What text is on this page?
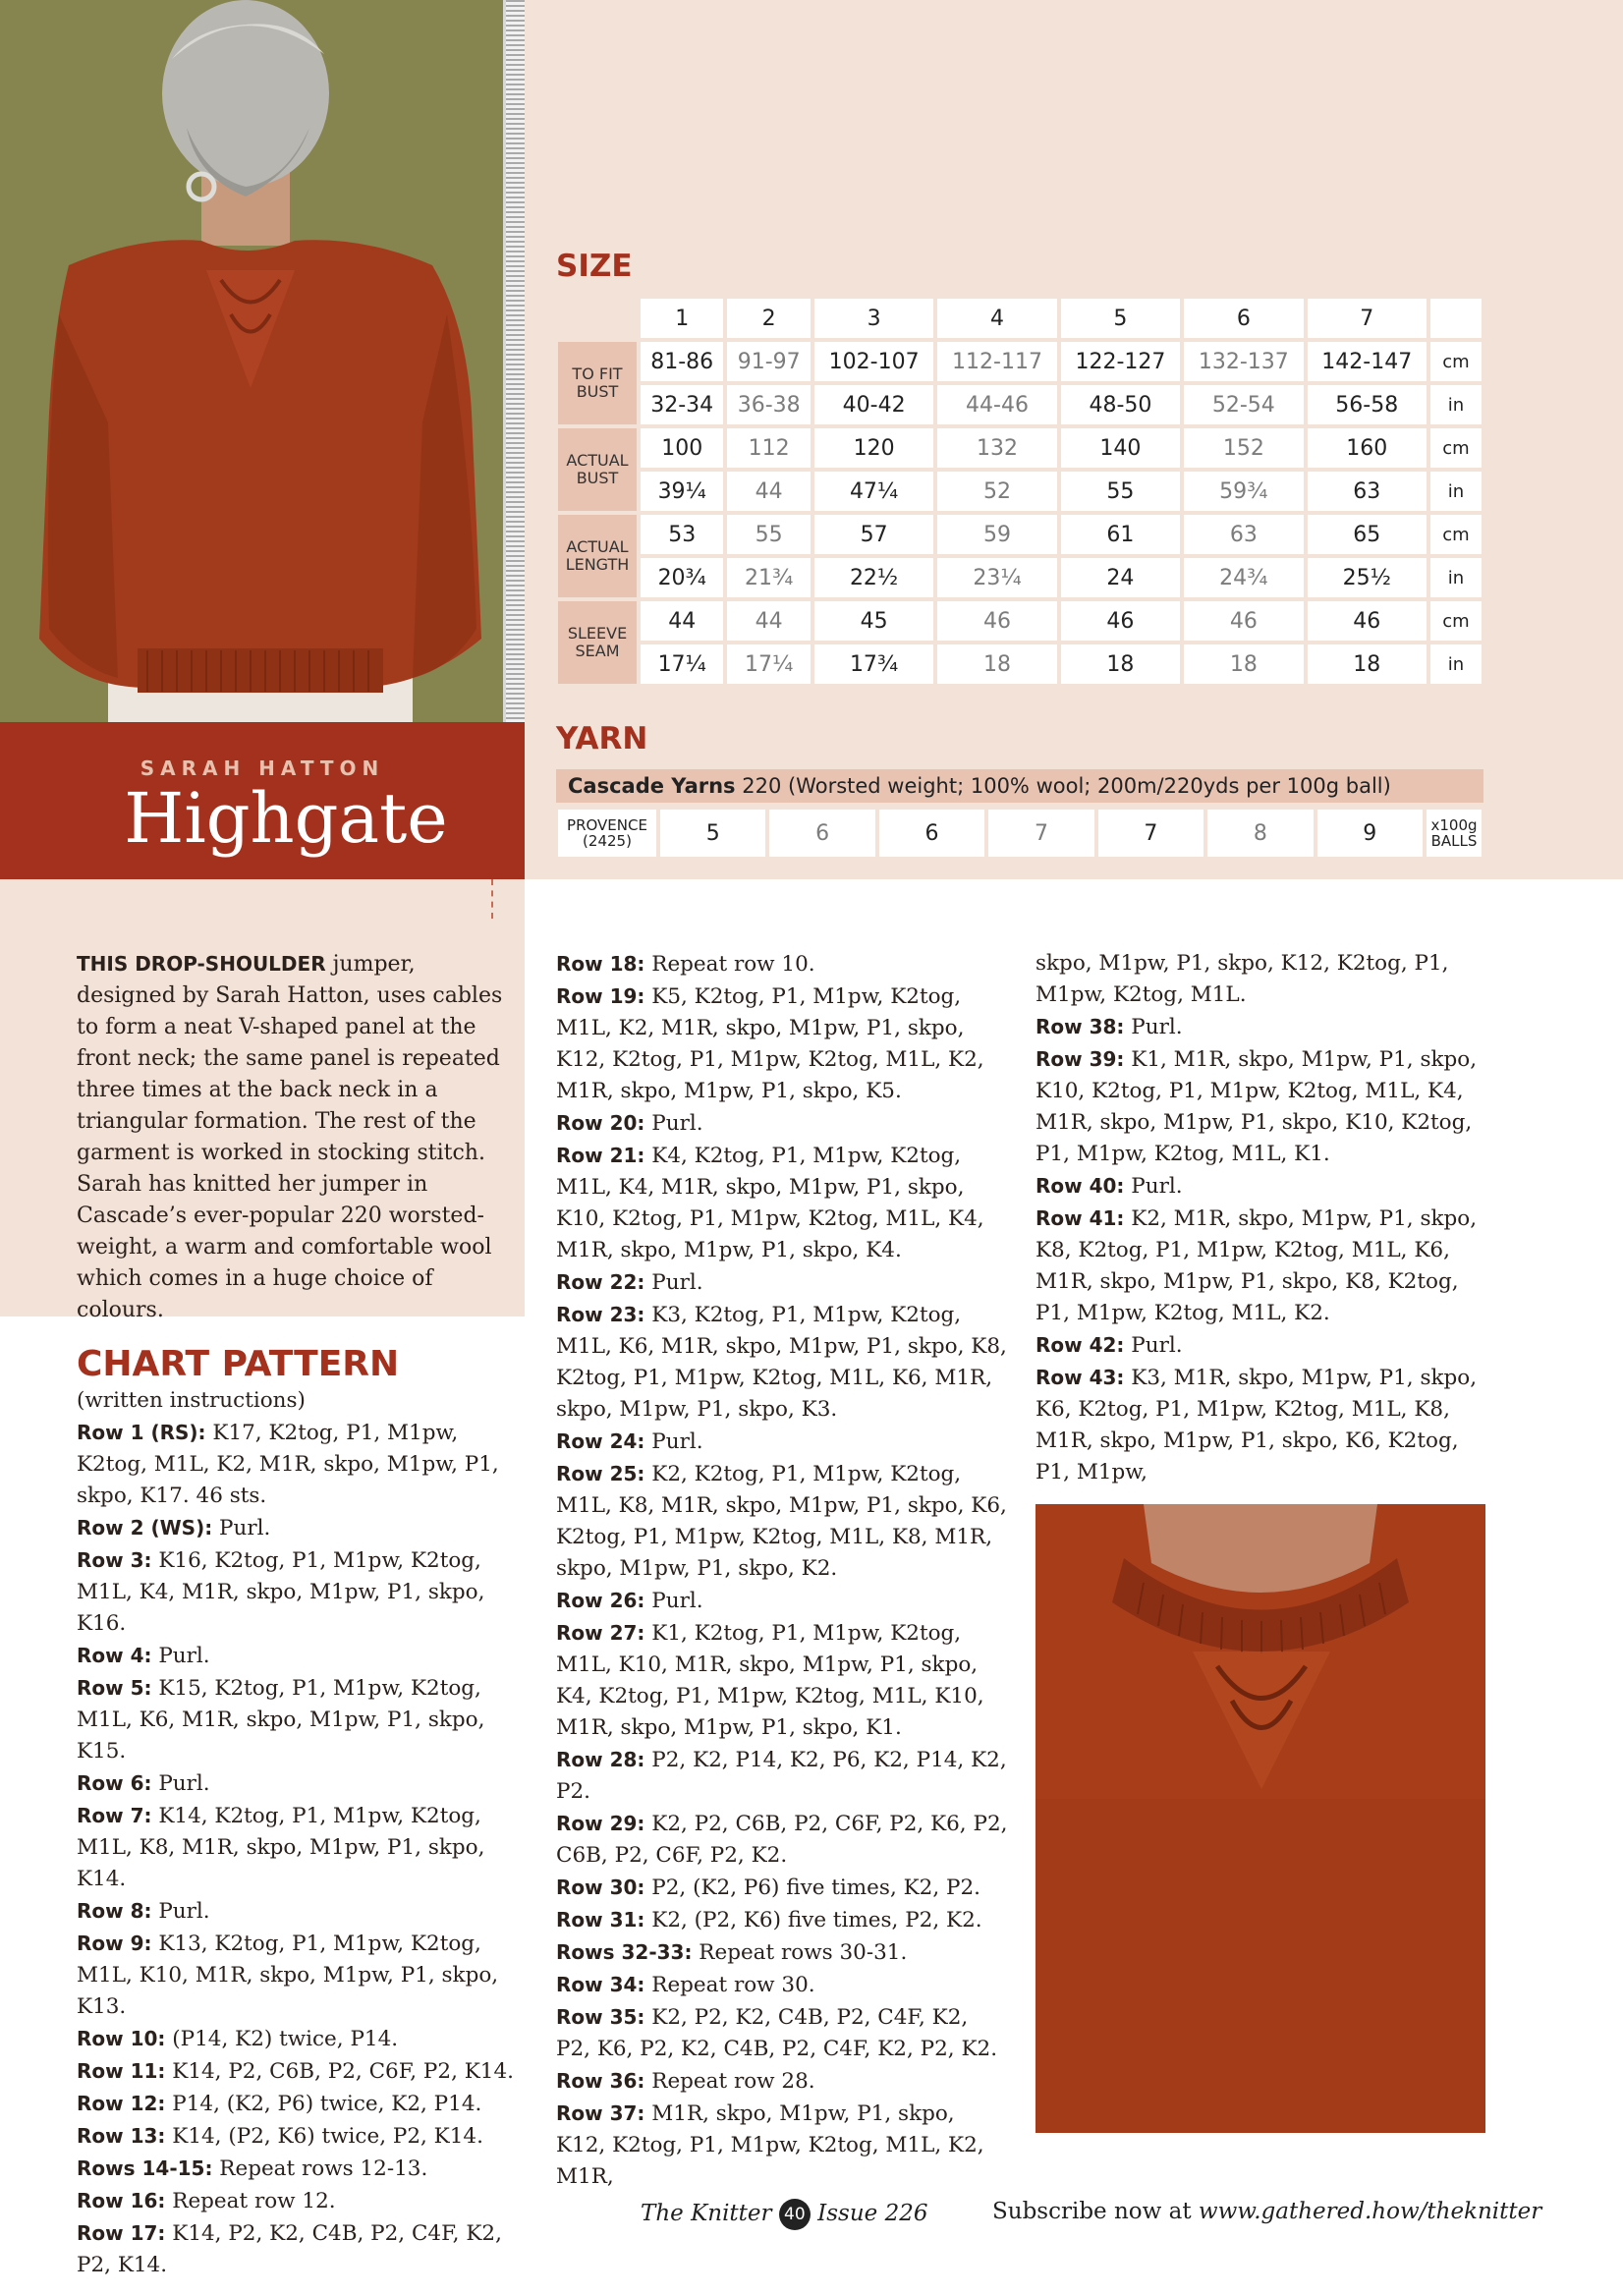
SARAH HATTON
Highgate
SIZE
	1	2	3	4	5	6	7	
TO FIT BUST	81-86	91-97	102-107	112-117	122-127	132-137	142-147	cm
	32-34	36-38	40-42	44-46	48-50	52-54	56-58	in
ACTUAL BUST	100	112	120	132	140	152	160	cm
	39¼	44	47¼	52	55	59¾	63	in
ACTUAL LENGTH	53	55	57	59	61	63	65	cm
	20¾	21¾	22½	23¼	24	24¾	25½	in
SLEEVE SEAM	44	44	45	46	46	46	46	cm
	17¼	17¼	17¾	18	18	18	18	in
YARN
Cascade Yarns 220 (Worsted weight; 100% wool; 200m/220yds per 100g ball)
PROVENCE
(2425)	5	6	6	7	7	8	9	x100g
BALLS
THIS DROP-SHOULDER jumper, designed by Sarah Hatton, uses cables to form a neat V-shaped panel at the front neck; the same panel is repeated three times at the back neck in a triangular formation. The rest of the garment is worked in stocking stitch. Sarah has knitted her jumper in Cascade’s ever-popular 220 worsted-weight, a warm and comfortable wool which comes in a huge choice of colours.
CHART PATTERN
(written instructions)

Row 1 (RS): K17, K2tog, P1, M1pw, K2tog, M1L, K2, M1R, skpo, M1pw, P1, skpo, K17. 46 sts.

Row 2 (WS): Purl.

Row 3: K16, K2tog, P1, M1pw, K2tog, M1L, K4, M1R, skpo, M1pw, P1, skpo, K16.

Row 4: Purl.

Row 5: K15, K2tog, P1, M1pw, K2tog, M1L, K6, M1R, skpo, M1pw, P1, skpo, K15.

Row 6: Purl.

Row 7: K14, K2tog, P1, M1pw, K2tog, M1L, K8, M1R, skpo, M1pw, P1, skpo, K14.

Row 8: Purl.

Row 9: K13, K2tog, P1, M1pw, K2tog, M1L, K10, M1R, skpo, M1pw, P1, skpo, K13.

Row 10: (P14, K2) twice, P14.

Row 11: K14, P2, C6B, P2, C6F, P2, K14.

Row 12: P14, (K2, P6) twice, K2, P14.

Row 13: K14, (P2, K6) twice, P2, K14.

Rows 14-15: Repeat rows 12-13.

Row 16: Repeat row 12.

Row 17: K14, P2, K2, C4B, P2, C4F, K2, P2, K14.

Row 18: Repeat row 10.

Row 19: K5, K2tog, P1, M1pw, K2tog, M1L, K2, M1R, skpo, M1pw, P1, skpo, K12, K2tog, P1, M1pw, K2tog, M1L, K2, M1R, skpo, M1pw, P1, skpo, K5.

Row 20: Purl.

Row 21: K4, K2tog, P1, M1pw, K2tog, M1L, K4, M1R, skpo, M1pw, P1, skpo, K10, K2tog, P1, M1pw, K2tog, M1L, K4, M1R, skpo, M1pw, P1, skpo, K4.

Row 22: Purl.

Row 23: K3, K2tog, P1, M1pw, K2tog, M1L, K6, M1R, skpo, M1pw, P1, skpo, K8, K2tog, P1, M1pw, K2tog, M1L, K6, M1R, skpo, M1pw, P1, skpo, K3.

Row 24: Purl.

Row 25: K2, K2tog, P1, M1pw, K2tog, M1L, K8, M1R, skpo, M1pw, P1, skpo, K6, K2tog, P1, M1pw, K2tog, M1L, K8, M1R, skpo, M1pw, P1, skpo, K2.

Row 26: Purl.

Row 27: K1, K2tog, P1, M1pw, K2tog, M1L, K10, M1R, skpo, M1pw, P1, skpo, K4, K2tog, P1, M1pw, K2tog, M1L, K10, M1R, skpo, M1pw, P1, skpo, K1.

Row 28: P2, K2, P14, K2, P6, K2, P14, K2, P2.

Row 29: K2, P2, C6B, P2, C6F, P2, K6, P2, C6B, P2, C6F, P2, K2.

Row 30: P2, (K2, P6) five times, K2, P2.

Row 31: K2, (P2, K6) five times, P2, K2.

Rows 32-33: Repeat rows 30-31.

Row 34: Repeat row 30.

Row 35: K2, P2, K2, C4B, P2, C4F, K2, P2, K6, P2, K2, C4B, P2, C4F, K2, P2, K2.

Row 36: Repeat row 28.

Row 37: M1R, skpo, M1pw, P1, skpo, K12, K2tog, P1, M1pw, K2tog, M1L, K2, M1R,

skpo, M1pw, P1, skpo, K12, K2tog, P1, M1pw, K2tog, M1L.

Row 38: Purl.

Row 39: K1, M1R, skpo, M1pw, P1, skpo, K10, K2tog, P1, M1pw, K2tog, M1L, K4, M1R, skpo, M1pw, P1, skpo, K10, K2tog, P1, M1pw, K2tog, M1L, K1.

Row 40: Purl.

Row 41: K2, M1R, skpo, M1pw, P1, skpo, K8, K2tog, P1, M1pw, K2tog, M1L, K6, M1R, skpo, M1pw, P1, skpo, K8, K2tog, P1, M1pw, K2tog, M1L, K2.

Row 42: Purl.

Row 43: K3, M1R, skpo, M1pw, P1, skpo, K6, K2tog, P1, M1pw, K2tog, M1L, K8, M1R, skpo, M1pw, P1, skpo, K6, K2tog, P1, M1pw,

The Knitter 40 Issue 226	Subscribe now at www.gathered.how/theknitter
